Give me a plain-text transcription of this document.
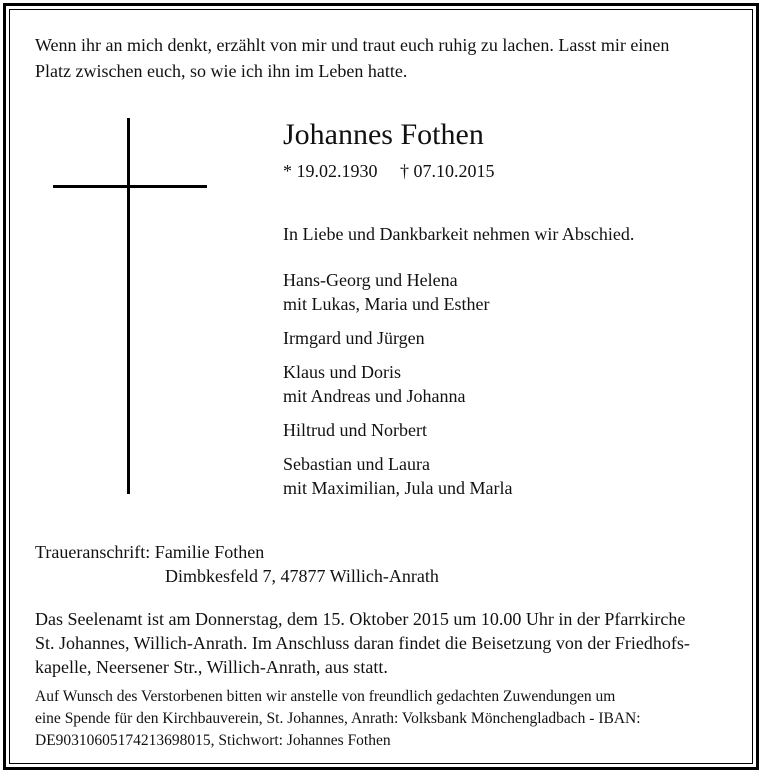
Wenn ihr an mich denkt, erzählt von mir und traut euch ruhig zu lachen. Lasst mir einen
Platz zwischen euch, so wie ich ihn im Leben hatte.
Johannes Fothen
* 19.02.1930 † 07.10.2015
In Liebe und Dankbarkeit nehmen wir Abschied.
Hans-Georg und Helena
mit Lukas, Maria und Esther
Irmgard und Jürgen
Klaus und Doris
mit Andreas und Johanna
Hiltrud und Norbert
Sebastian und Laura
mit Maximilian, Jula und Marla
Traueranschrift: Familie Fothen
Dimbkesfeld 7, 47877 Willich-Anrath
Das Seelenamt ist am Donnerstag, dem 15. Oktober 2015 um 10.00 Uhr in der Pfarrkirche
St. Johannes, Willich-Anrath. Im Anschluss daran findet die Beisetzung von der Friedhofs-
kapelle, Neersener Str., Willich-Anrath, aus statt.
Auf Wunsch des Verstorbenen bitten wir anstelle von freundlich gedachten Zuwendungen um
eine Spende für den Kirchbauverein, St. Johannes, Anrath: Volksbank Mönchengladbach - IBAN:
DE90310605174213698015, Stichwort: Johannes Fothen
